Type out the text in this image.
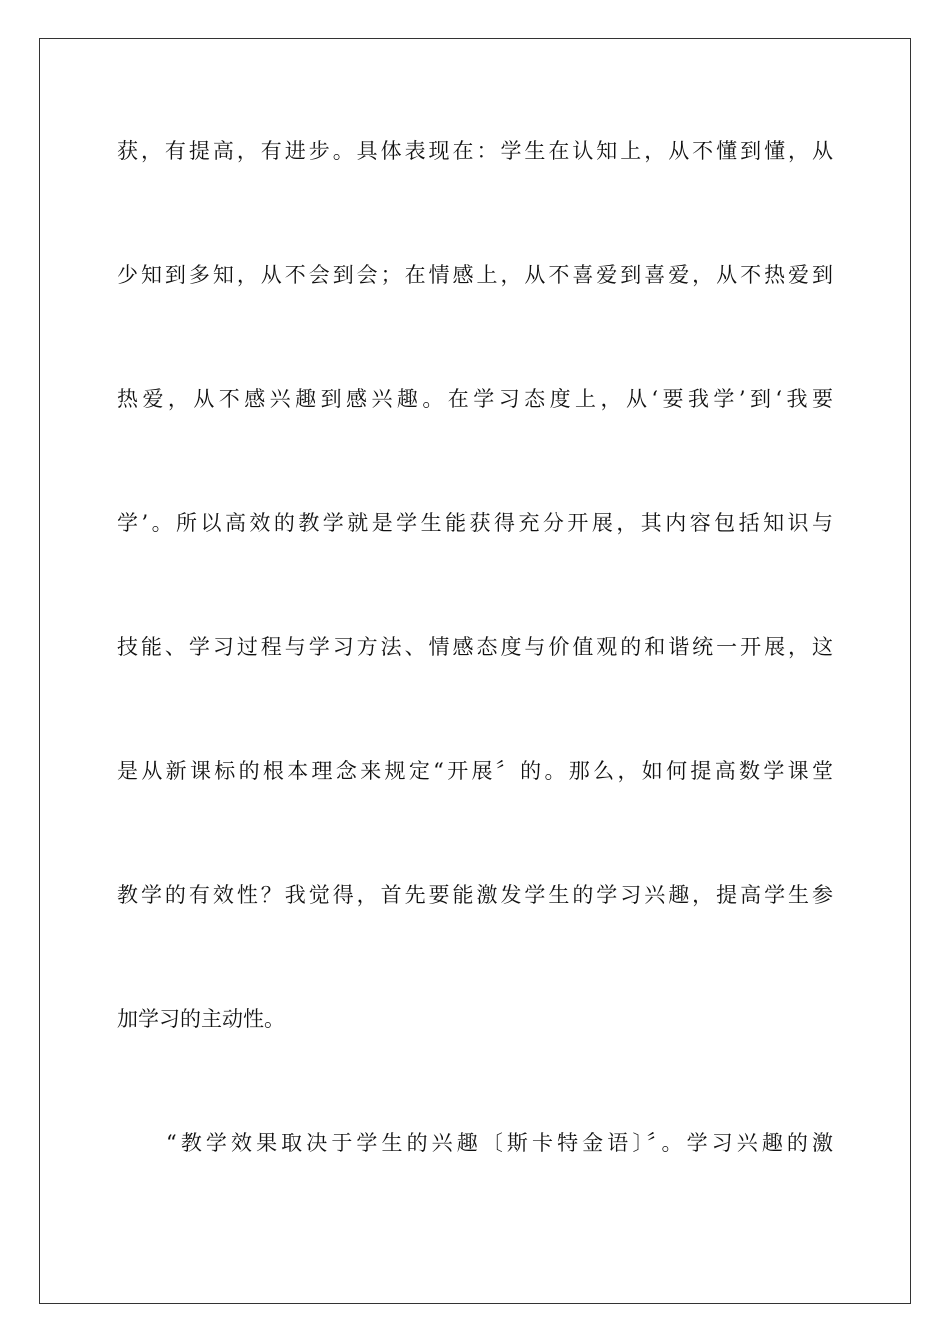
获，有提高，有进步。具体表现在：学生在认知上，从不懂到懂，从
少知到多知，从不会到会；在情感上，从不喜爱到喜爱，从不热爱到
热爱，从不感兴趣到感兴趣。在学习态度上，从‘要我学’到‘我要
学’。所以高效的教学就是学生能获得充分开展，其内容包括知识与
技能、学习过程与学习方法、情感态度与价值观的和谐统一开展，这
是从新课标的根本理念来规定“开展〞的。那么，如何提高数学课堂
教学的有效性？我觉得，首先要能激发学生的学习兴趣，提高学生参
加学习的主动性。
“教学效果取决于学生的兴趣〔斯卡特金语〕〞。学习兴趣的激
